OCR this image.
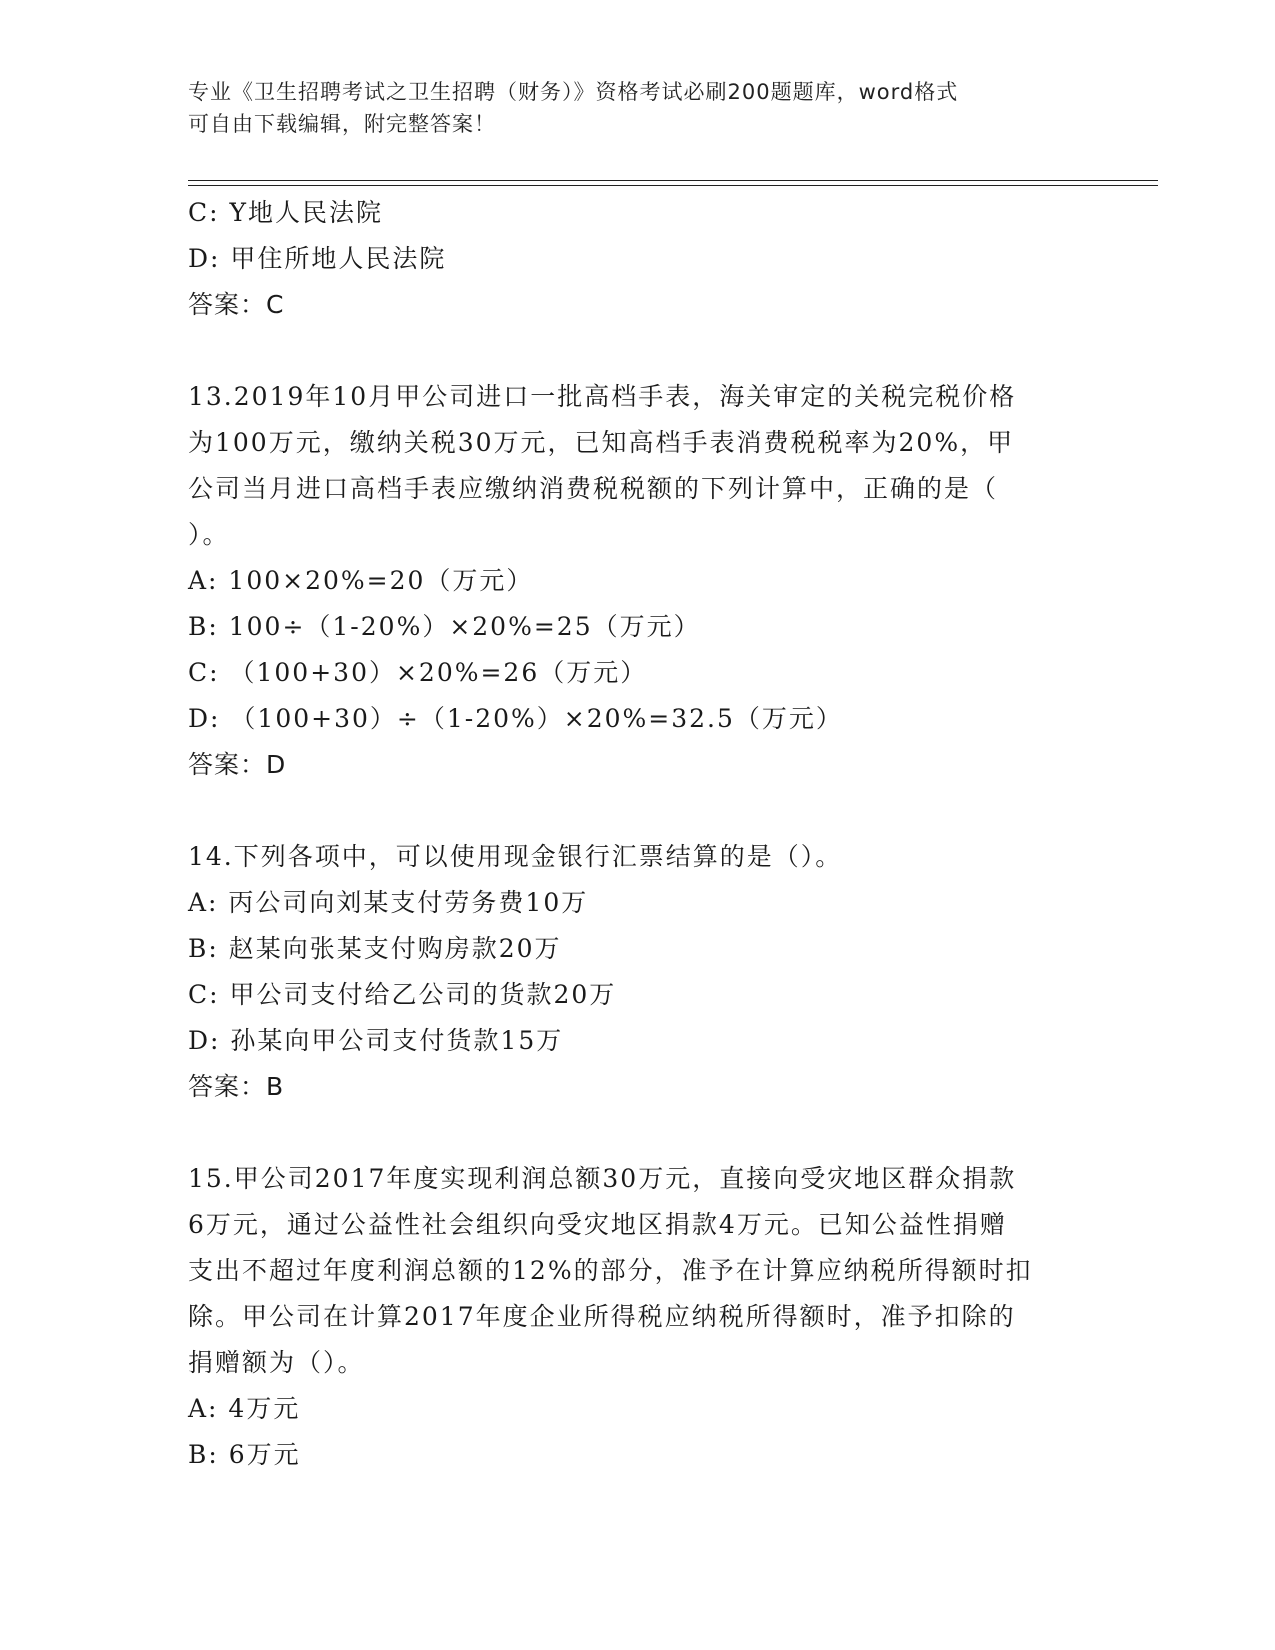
专业《卫生招聘考试之卫生招聘（财务）》资格考试必刷200题题库，word格式
可自由下载编辑，附完整答案！
C: Y地人民法院
D: 甲住所地人民法院
答案：C
13.2019年10月甲公司进口一批高档手表，海关审定的关税完税价格
为100万元，缴纳关税30万元，已知高档手表消费税税率为20%，甲
公司当月进口高档手表应缴纳消费税税额的下列计算中，正确的是（
）。
A: 100×20%=20（万元）
B: 100÷（1-20%）×20%=25（万元）
C: （100+30）×20%=26（万元）
D: （100+30）÷（1-20%）×20%=32.5（万元）
答案：D
14.下列各项中，可以使用现金银行汇票结算的是（）。
A: 丙公司向刘某支付劳务费10万
B: 赵某向张某支付购房款20万
C: 甲公司支付给乙公司的货款20万
D: 孙某向甲公司支付货款15万
答案：B
15.甲公司2017年度实现利润总额30万元，直接向受灾地区群众捐款
6万元，通过公益性社会组织向受灾地区捐款4万元。已知公益性捐赠
支出不超过年度利润总额的12%的部分，准予在计算应纳税所得额时扣
除。甲公司在计算2017年度企业所得税应纳税所得额时，准予扣除的
捐赠额为（）。
A: 4万元
B: 6万元
